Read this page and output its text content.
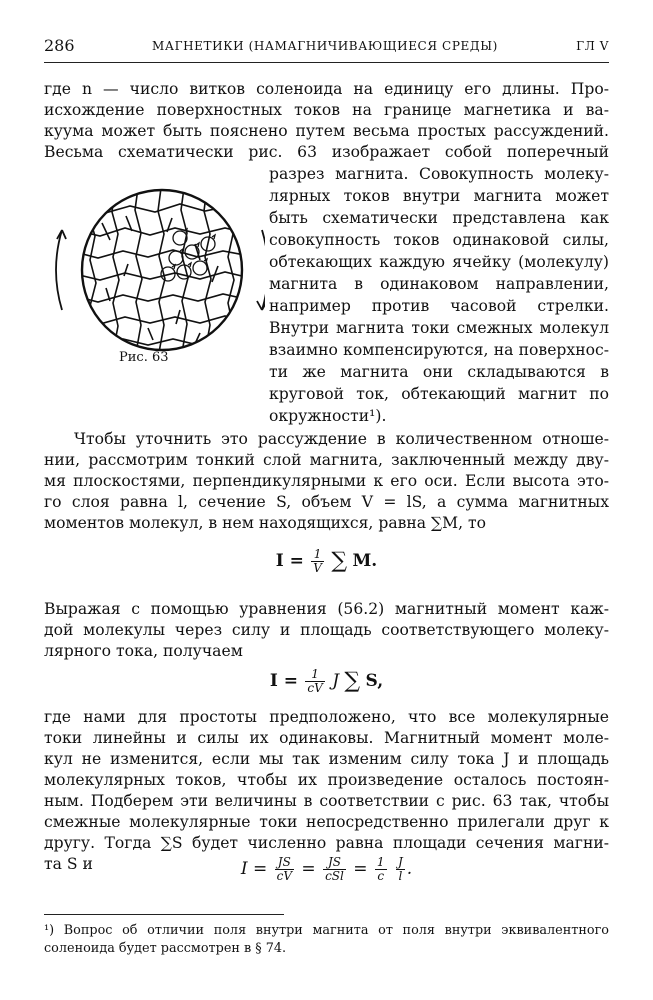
286	МАГНЕТИКИ (НАМАГНИЧИВАЮЩИЕСЯ СРЕДЫ)	ГЛ V
где n — число витков соленоида на единицу его длины. Про-
исхождение поверхностных токов на границе магнетика и ва-
куума может быть пояснено путем весьма простых рассуждений.
Весьма схематически рис. 63 изображает собой поперечный
разрез магнита. Совокупность молеку-
лярных токов внутри магнита может
быть схематически представлена как
совокупность токов одинаковой силы,
обтекающих каждую ячейку (молекулу)
магнита в одинаковом направлении,
например против часовой стрелки.
Внутри магнита токи смежных молекул
взаимно компенсируются, на поверхнос-
ти же магнита они складываются в
круговой ток, обтекающий магнит по
окружности¹).
Рис. 63
Чтобы уточнить это рассуждение в количественном отноше-
нии, рассмотрим тонкий слой магнита, заключенный между дву-
мя плоскостями, перпендикулярными к его оси. Если высота это-
го слоя равна l, сечение S, объем V = lS, а сумма магнитных
моментов молекул, в нем находящихся, равна ∑M, то
$I = \frac{1}{V}$ ∑ M.
Выражая с помощью уравнения (56.2) магнитный момент каж-
дой молекулы через силу и площадь соответствующего молеку-
лярного тока, получаем
$I = \frac{1}{cV}$ J ∑ S,
где нами для простоты предположено, что все молекулярные
токи линейны и силы их одинаковы. Магнитный момент моле-
кул не изменится, если мы так изменим силу тока J и площадь
молекулярных токов, чтобы их произведение осталось постоян-
ным. Подберем эти величины в соответствии с рис. 63 так, чтобы
смежные молекулярные токи непосредственно прилегали друг к
другу. Тогда ∑S будет численно равна площади сечения магни-
та S и	$I = \frac{JS}{cV} = \frac{JS}{\text{cSl}} = \frac{1}{c}$
$\frac{J}{l}$ .
¹) Вопрос об отличии поля внутри магнита от поля внутри эквивалентного
соленоида будет рассмотрен в § 74.
